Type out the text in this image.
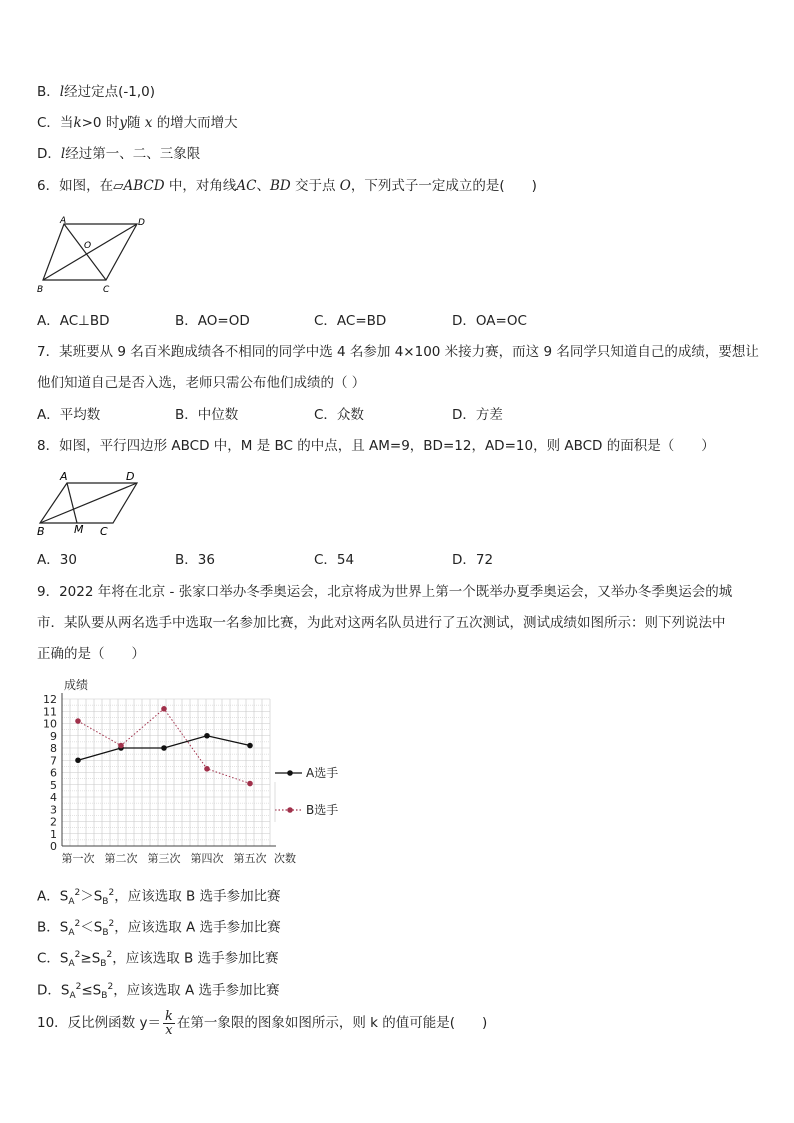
B．l经过定点(-1,0)
C．当k>0 时y随 x 的增大而增大
D．l经过第一、二、三象限
6．如图，在▱ABCD 中，对角线AC、BD 交于点 O，下列式子一定成立的是(　　)
A	D
O
B	C
A．AC⊥BD	B．AO=OD	C．AC=BD	D．OA=OC
7．某班要从 9 名百米跑成绩各不相同的同学中选 4 名参加 4×100 米接力赛，而这 9 名同学只知道自己的成绩，要想让
他们知道自己是否入选，老师只需公布他们成绩的（ ）
A．平均数	B．中位数	C．众数	D．方差
8．如图，平行四边形 ABCD 中，M 是 BC 的中点，且 AM=9，BD=12，AD=10，则 ABCD 的面积是（　　）
A	D
B	M C
A．30	B．36	C．54	D．72
9．2022 年将在北京 - 张家口举办冬季奥运会，北京将成为世界上第一个既举办夏季奥运会，又举办冬季奥运会的城
市．某队要从两名选手中选取一名参加比赛，为此对这两名队员进行了五次测试，测试成绩如图所示：则下列说法中
正确的是（　　）
0
1
2
3
4
5
6
7
8
9
10
11
12
成绩
第一次 第二次 第三次 第四次 第五次 次数
A选手
B选手
A．$S_A^2>S_B^2$，应该选取 B 选手参加比赛
B．$S_A^2<S_B^2$，应该选取 A 选手参加比赛
C．$S_A^2\ge S_B^2$，应该选取 B 选手参加比赛
D．$S_A^2\le S_B^2$，应该选取 A 选手参加比赛
10．反比例函数 $y= \frac{k}{x}$ 在第一象限的图象如图所示，则 k 的值可能是(　　)
